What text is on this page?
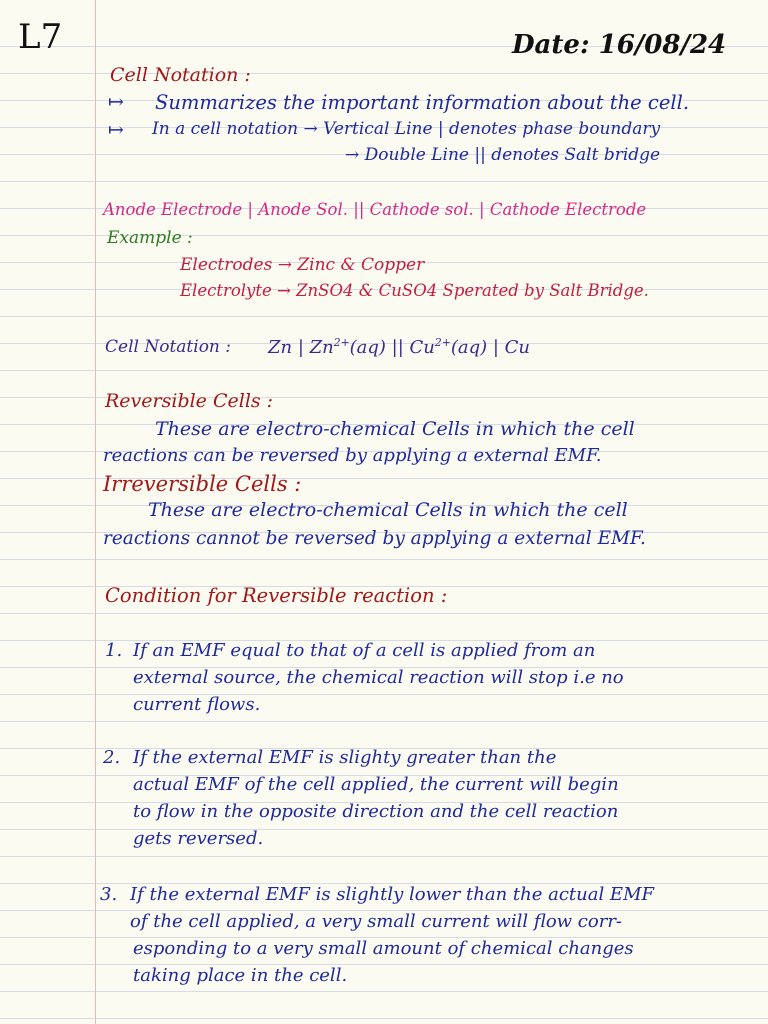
L7	Date: 16/08/24
Cell Notation :
↦ Summarizes the important information about the cell.
↦ In a cell notation → Vertical Line | denotes phase boundary
→ Double Line || denotes Salt bridge
Anode Electrode | Anode Sol. || Cathode sol. | Cathode Electrode
Example :
Electrodes → Zinc & Copper
Electrolyte → ZnSO4 & CuSO4 Sperated by Salt Bridge.
Cell Notation : Zn | $Zn^{2+}(aq)$ || $Cu^{2+}(aq)$ | Cu
Reversible Cells :
These are electro-chemical Cells in which the cell
reactions can be reversed by applying a external EMF.
Irreversible Cells :
These are electro-chemical Cells in which the cell
reactions cannot be reversed by applying a external EMF.
Condition for Reversible reaction :
1. If an EMF equal to that of a cell is applied from an
external source, the chemical reaction will stop i.e no
current flows.
2. If the external EMF is slighty greater than the
actual EMF of the cell applied, the current will begin
to flow in the opposite direction and the cell reaction
gets reversed.
3. If the external EMF is slightly lower than the actual EMF
of the cell applied, a very small current will flow corr-
esponding to a very small amount of chemical changes
taking place in the cell.
